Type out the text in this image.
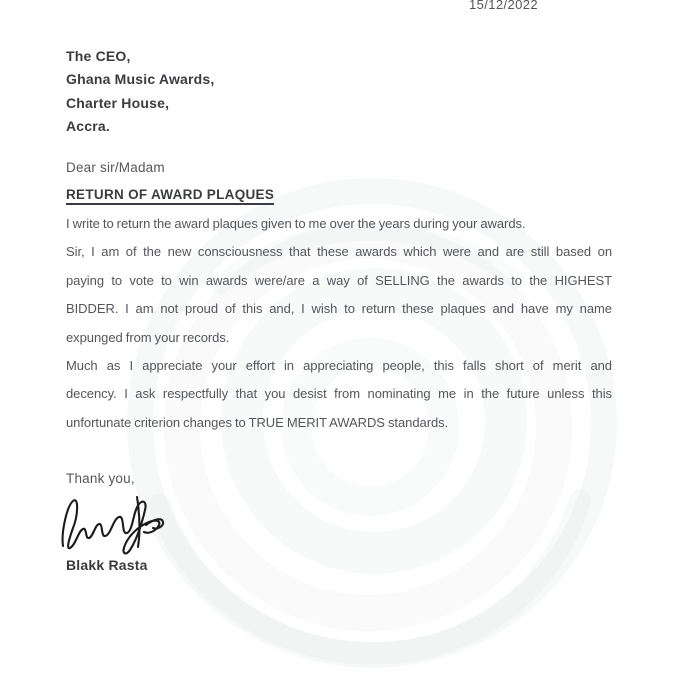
15/12/2022
The CEO,
Ghana Music Awards,
Charter House,
Accra.
Dear sir/Madam
RETURN OF AWARD PLAQUES
I write to return the award plaques given to me over the years during your awards.
Sir, I am of the new consciousness that these awards which were and are still based on
paying to vote to win awards were/are a way of SELLING the awards to the HIGHEST
BIDDER. I am not proud of this and, I wish to return these plaques and have my name
expunged from your records.
Much as I appreciate your effort in appreciating people, this falls short of merit and
decency. I ask respectfully that you desist from nominating me in the future unless this
unfortunate criterion changes to TRUE MERIT AWARDS standards.
Thank you,
Blakk Rasta
